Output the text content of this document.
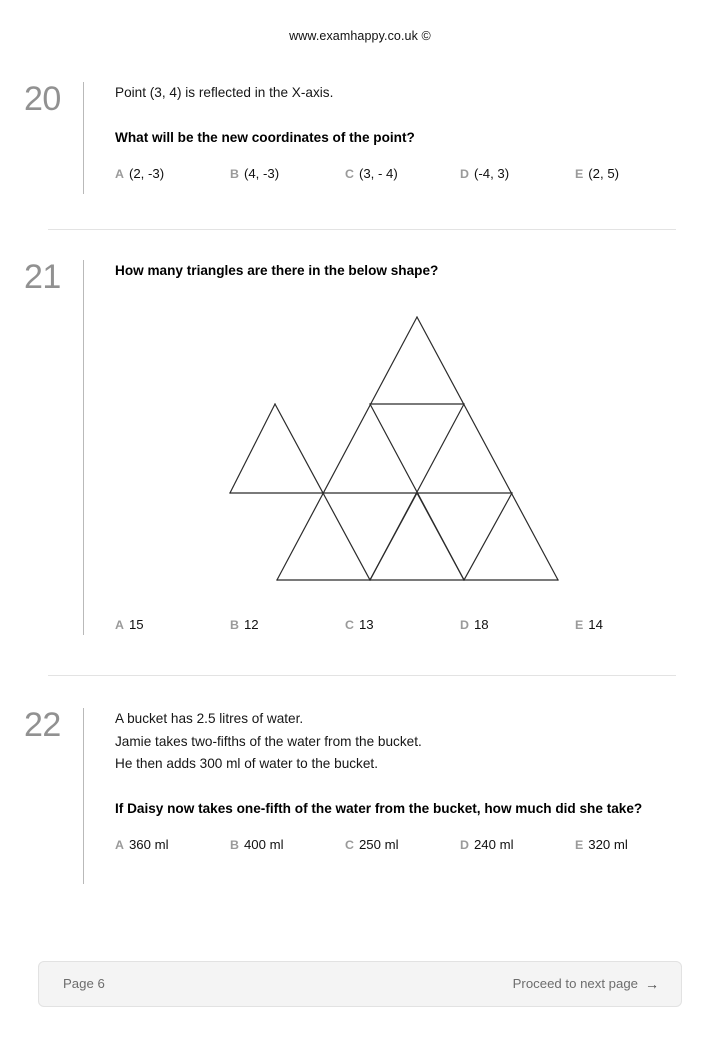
www.examhappy.co.uk ©
20	Point (3, 4) is reflected in the X-axis.
What will be the new coordinates of the point?
A (2, -3)	B (4, -3)	C (3, - 4)	D (-4, 3)	E (2, 5)
21	How many triangles are there in the below shape?
A 15	B 12	C 13	D 18	E 14
22	A bucket has 2.5 litres of water.
Jamie takes two-fifths of the water from the bucket.
He then adds 300 ml of water to the bucket.
If Daisy now takes one-fifth of the water from the bucket, how much did she take?
A 360 ml	B 400 ml	C 250 ml	D 240 ml	E 320 ml
Page 6	Proceed to next page →
